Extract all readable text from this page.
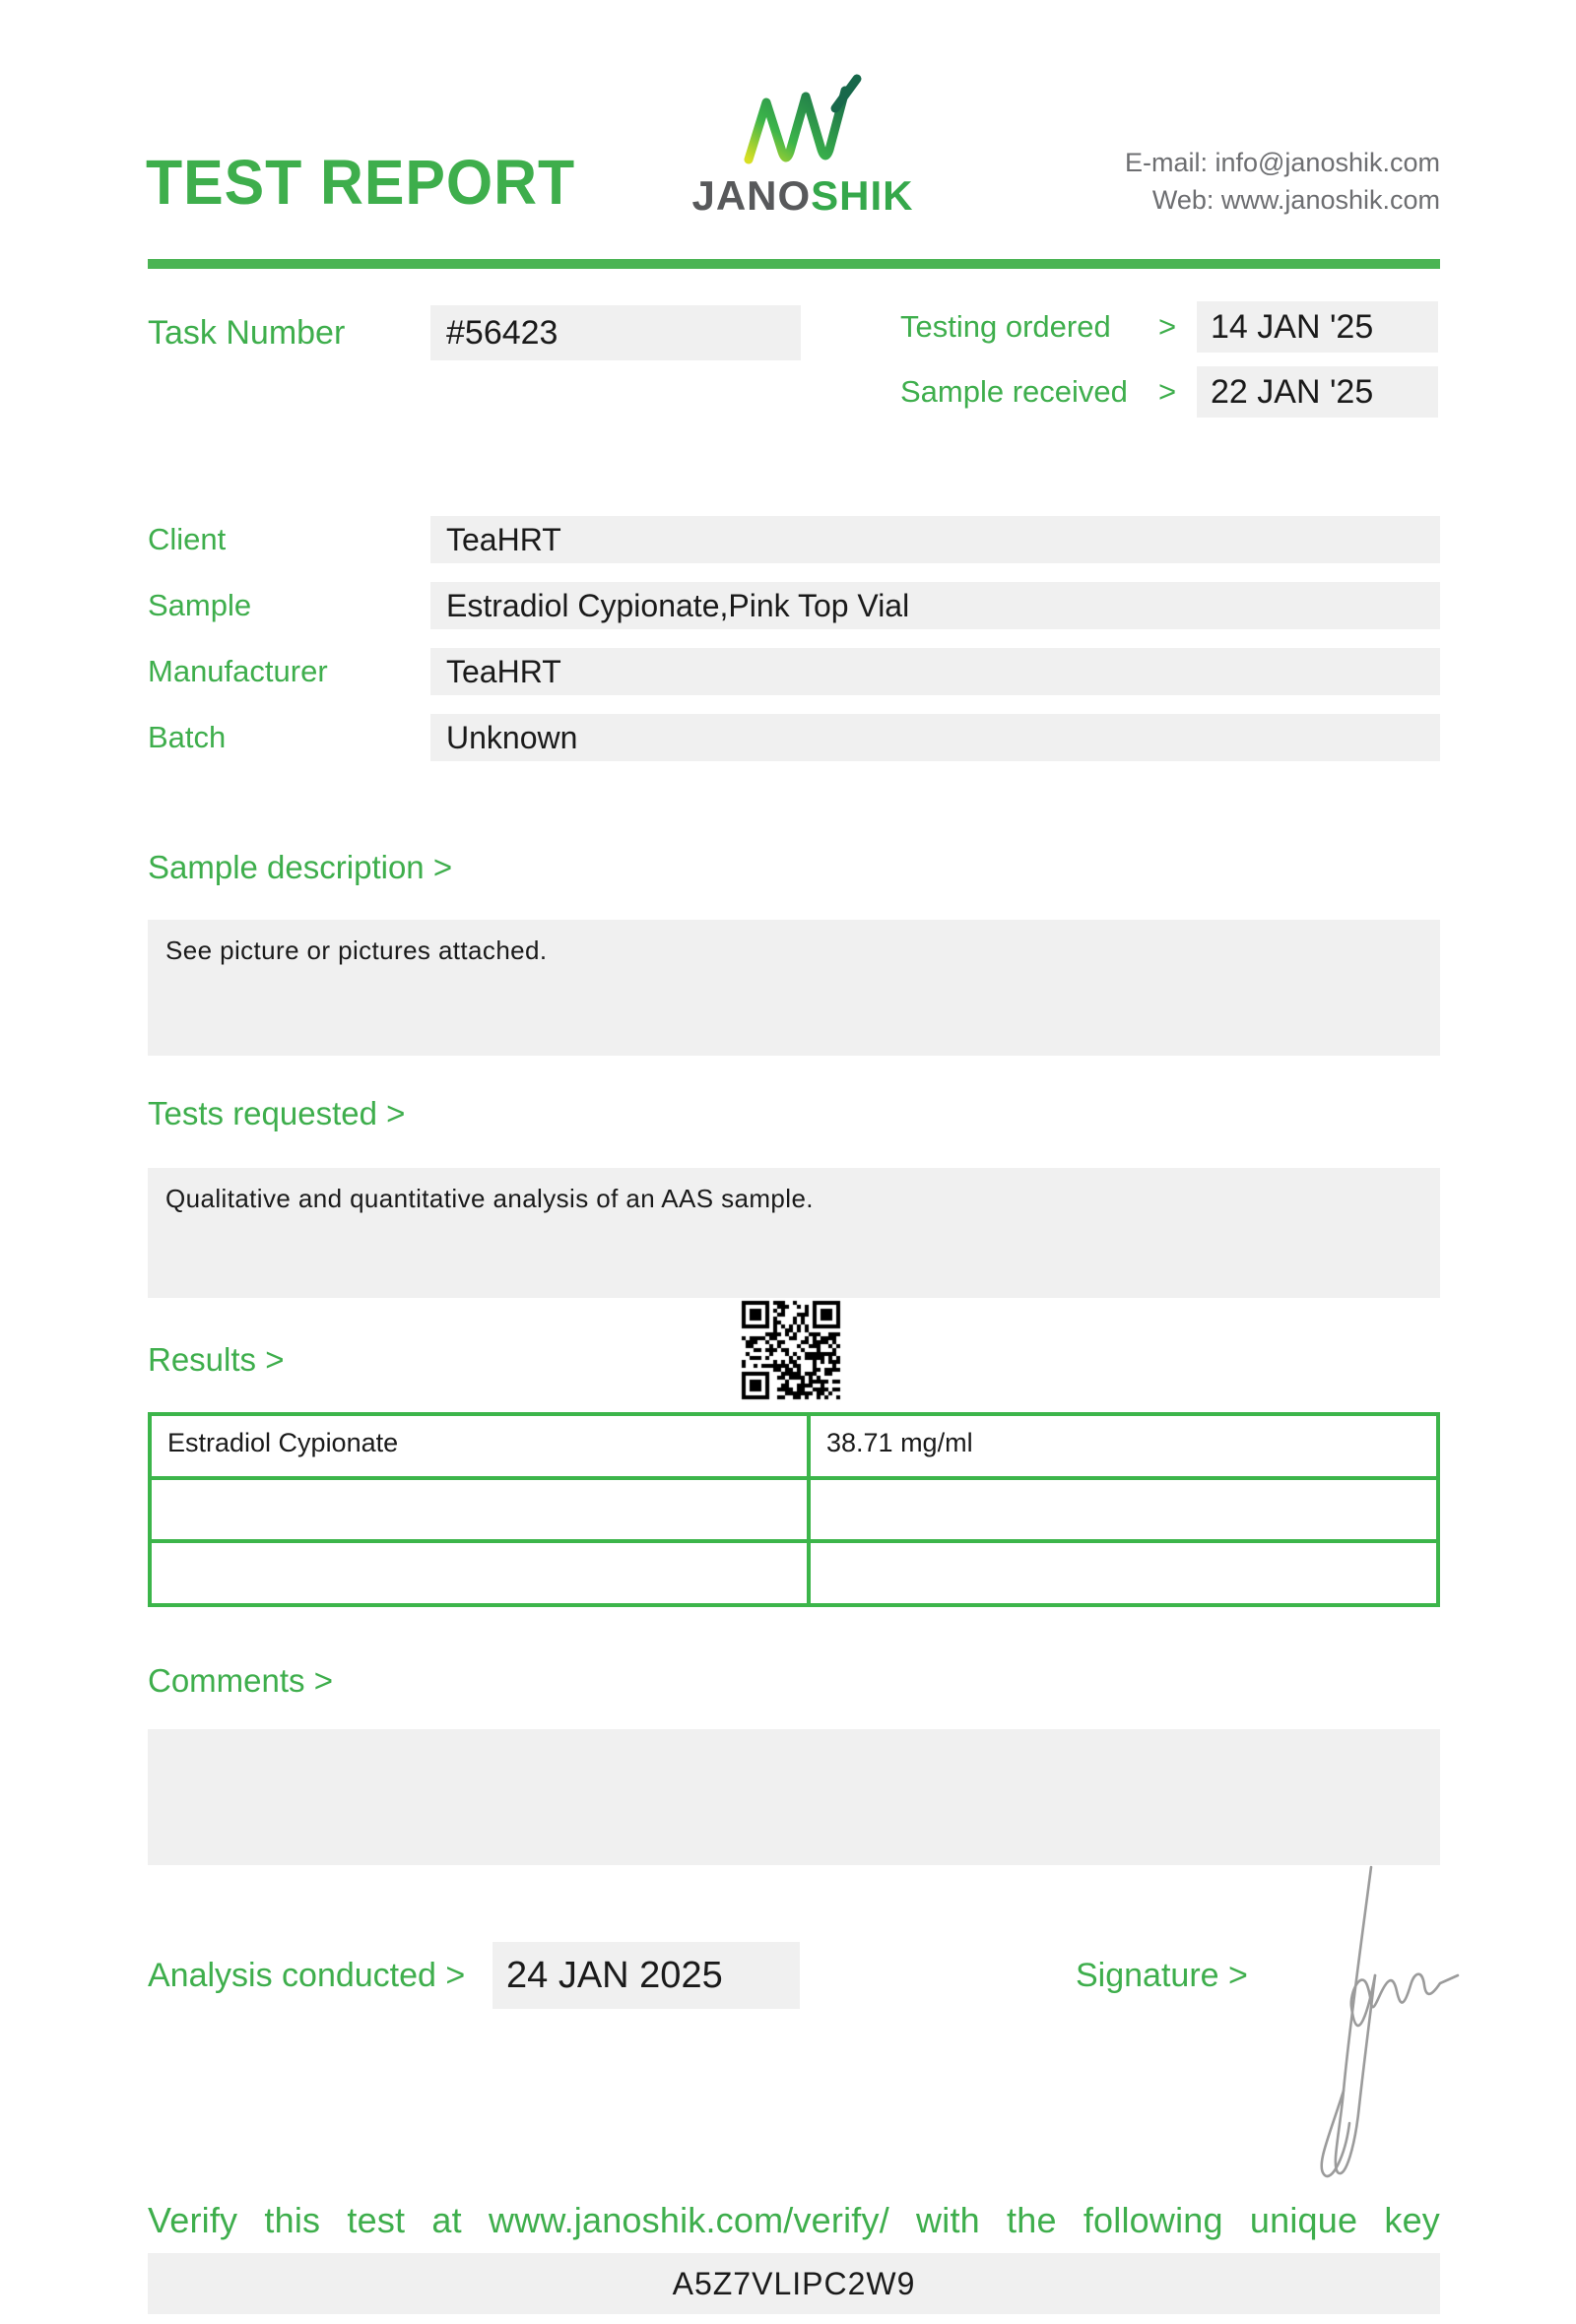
TEST REPORT	JANOSHIK
E-mail: info@janoshik.com
Web: www.janoshik.com
Task Number	#56423	Testing ordered >	14 JAN '25
Sample received >	22 JAN '25
Client	TeaHRT
Sample	Estradiol Cypionate,Pink Top Vial
Manufacturer	TeaHRT
Batch	Unknown
Sample description >
See picture or pictures attached.
Tests requested >
Qualitative and quantitative analysis of an AAS sample.
Results >
Estradiol Cypionate	38.71 mg/ml
Comments >
Analysis conducted >	24 JAN 2025	Signature >
Verify this test at www.janoshik.com/verify/ with the following unique key
A5Z7VLIPC2W9
